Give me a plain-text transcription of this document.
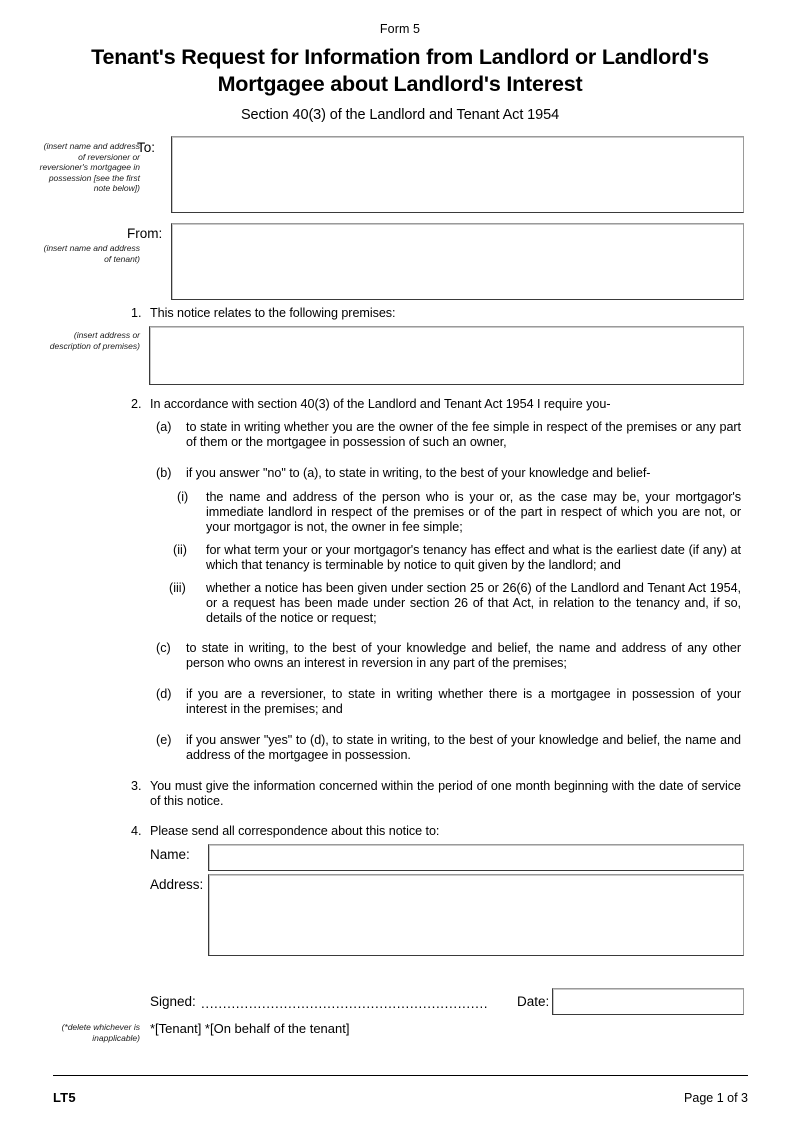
Form 5
Tenant's Request for Information from Landlord or Landlord's Mortgagee about Landlord's Interest
Section 40(3) of the Landlord and Tenant Act 1954
(insert name and address of reversioner or reversioner's mortgagee in possession [see the first note below])
To:
(insert name and address of tenant)
From:
1. This notice relates to the following premises:
(insert address or description of premises)
2. In accordance with section 40(3) of the Landlord and Tenant Act 1954 I require you-
(a) to state in writing whether you are the owner of the fee simple in respect of the premises or any part of them or the mortgagee in possession of such an owner,
(b) if you answer "no" to (a), to state in writing, to the best of your knowledge and belief-
(i) the name and address of the person who is your or, as the case may be, your mortgagor's immediate landlord in respect of the premises or of the part in respect of which you are not, or your mortgagor is not, the owner in fee simple;
(ii) for what term your or your mortgagor's tenancy has effect and what is the earliest date (if any) at which that tenancy is terminable by notice to quit given by the landlord; and
(iii) whether a notice has been given under section 25 or 26(6) of the Landlord and Tenant Act 1954, or a request has been made under section 26 of that Act, in relation to the tenancy and, if so, details of the notice or request;
(c) to state in writing, to the best of your knowledge and belief, the name and address of any other person who owns an interest in reversion in any part of the premises;
(d) if you are a reversioner, to state in writing whether there is a mortgagee in possession of your interest in the premises; and
(e) if you answer "yes" to (d), to state in writing, to the best of your knowledge and belief, the name and address of the mortgagee in possession.
3. You must give the information concerned within the period of one month beginning with the date of service of this notice.
4. Please send all correspondence about this notice to:
Name:
Address:
Signed: ..................................................................	Date:
(*delete whichever is inapplicable)
*[Tenant] *[On behalf of the tenant]
LT5	Page 1 of 3
